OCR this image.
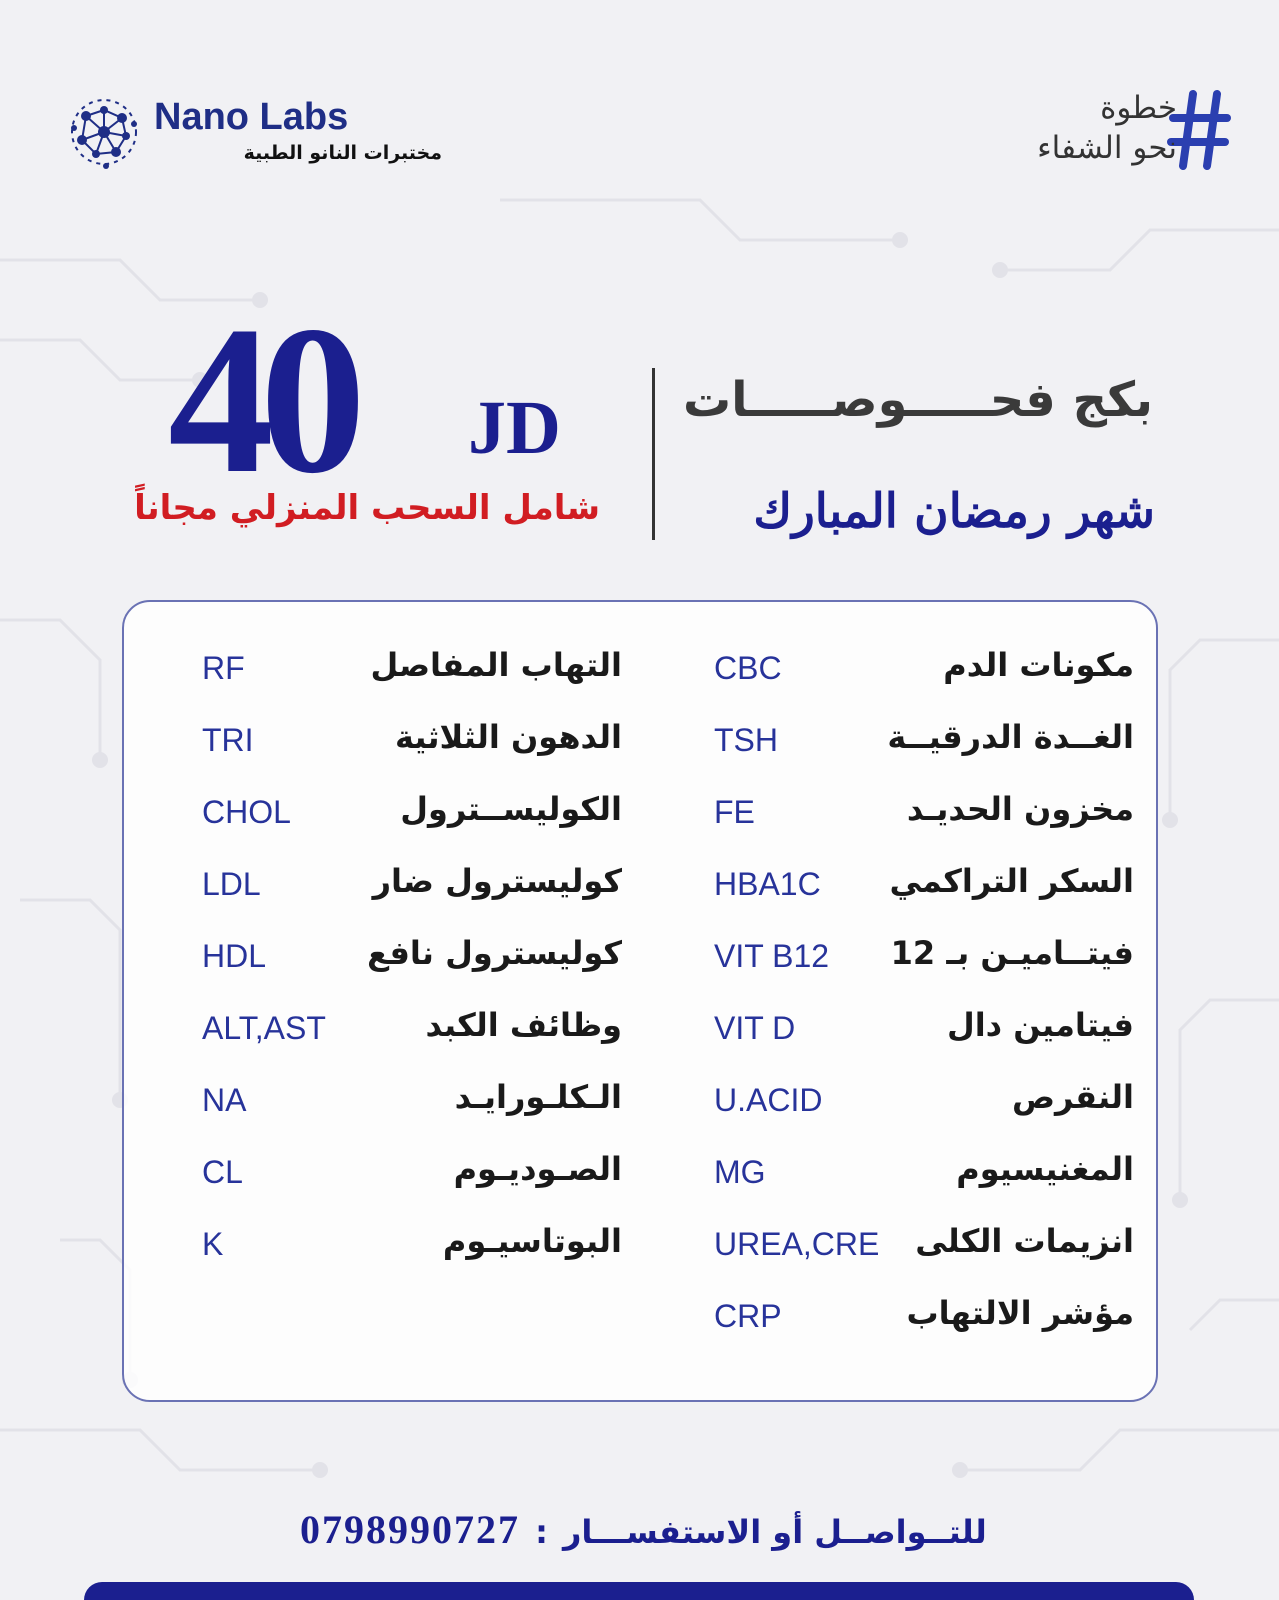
Nano Labs
مختبرات النانو الطبية
خطوة
نحو الشفاء
40 JD
شامل السحب المنزلي مجاناً
بكج فحـــــوصـــــات
شهر رمضان المبارك
CBC	مكونات الدم
TSH	الغــدة الدرقيــة
FE	مخزون الحديـد
HBA1C السكر التراكمي
VIT B12 فيتــاميـن بـ 12
VIT D	فيتامين دال
U.ACID	النقرص
MG	المغنيسيوم
UREA,CRE انزيمات الكلى
CRP	مؤشر الالتهاب
RF	التهاب المفاصل
TRI	الدهون الثلاثية
CHOL	الكوليســترول
LDL	كوليسترول ضار
HDL	كوليسترول نافع
ALT,AST	وظائف الكبد
NA	الـكلـورايـد
CL	الصـوديـوم
K	البوتاسيـوم
0798990727 : للتــواصــل أو الاستفســـار
